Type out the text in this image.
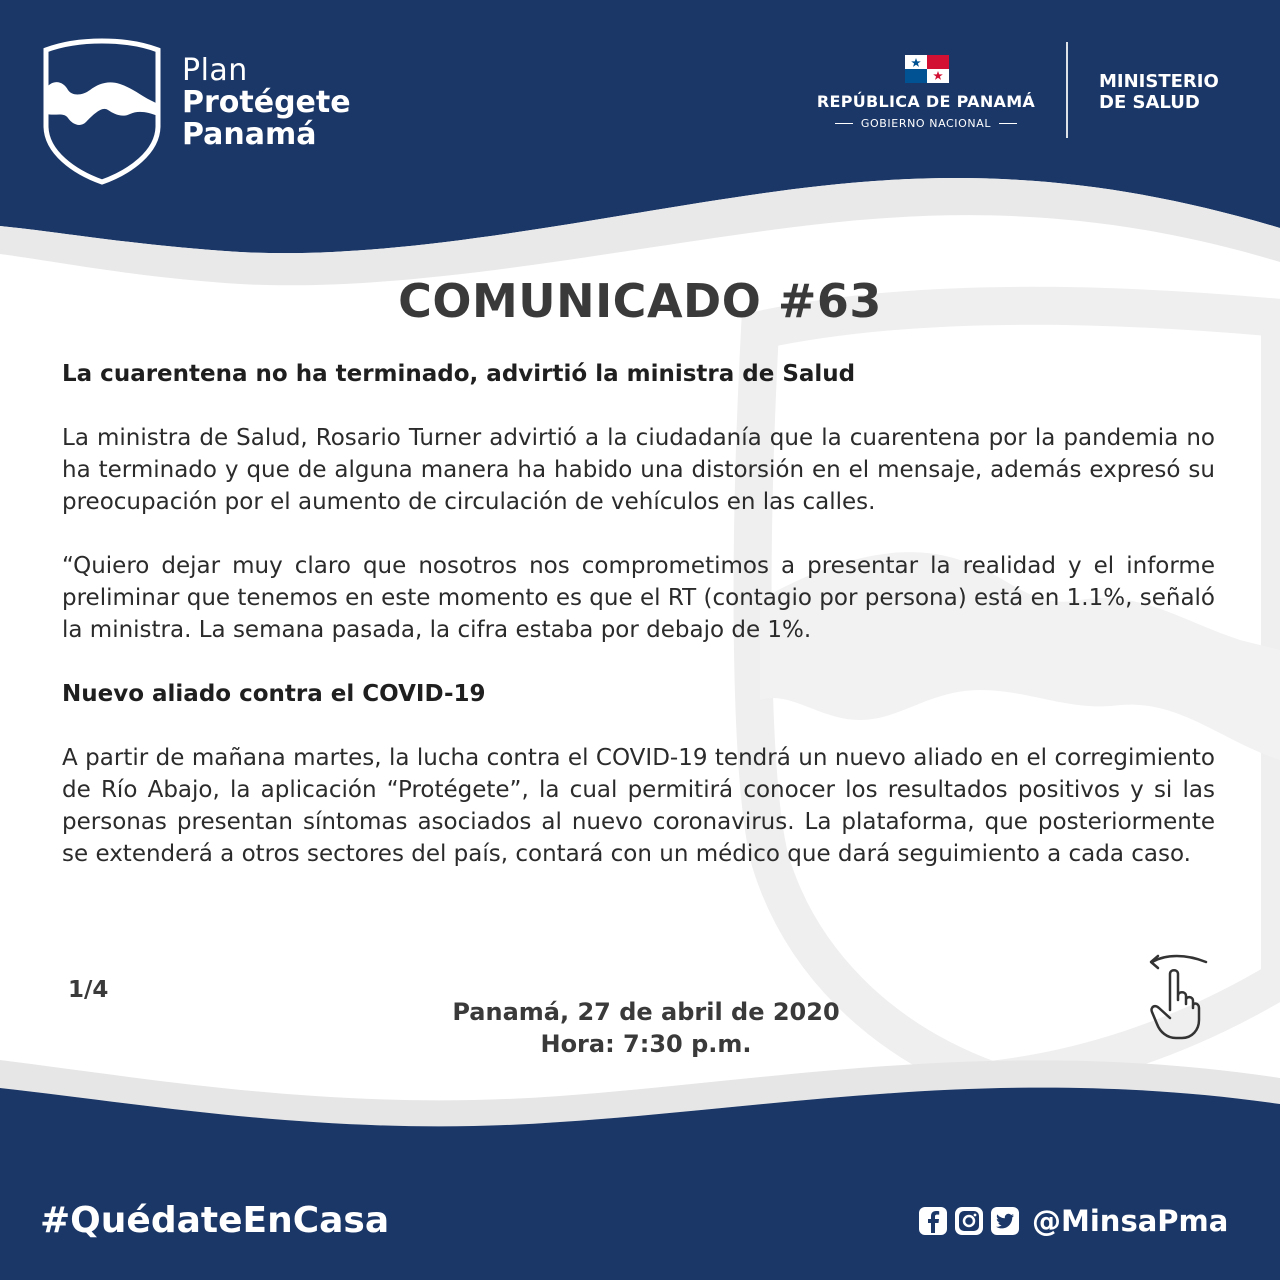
Plan
Protégete
Panamá
REPÚBLICA DE PANAMÁ
GOBIERNO NACIONAL
MINISTERIO
DE SALUD
COMUNICADO #63
La cuarentena no ha terminado, advirtió la ministra de Salud

La ministra de Salud, Rosario Turner advirtió a la ciudadanía que la cuarentena por la pandemia no ha terminado y que de alguna manera ha habido una distorsión en el mensaje, además expresó su preocupación por el aumento de circulación de vehículos en las calles.

“Quiero dejar muy claro que nosotros nos comprometimos a presentar la realidad y el informe preliminar que tenemos en este momento es que el RT (contagio por persona) está en 1.1%, señaló la ministra. La semana pasada, la cifra estaba por debajo de 1%.

Nuevo aliado contra el COVID-19

A partir de mañana martes, la lucha contra el COVID-19 tendrá un nuevo aliado en el corregimiento de Río Abajo, la aplicación “Protégete”, la cual permitirá conocer los resultados positivos y si las personas presentan síntomas asociados al nuevo coronavirus. La plataforma, que posteriormente se extenderá a otros sectores del país, contará con un médico que dará seguimiento a cada caso.

1/4
Panamá, 27 de abril de 2020
Hora: 7:30 p.m.
#QuédateEnCasa	@MinsaPma
